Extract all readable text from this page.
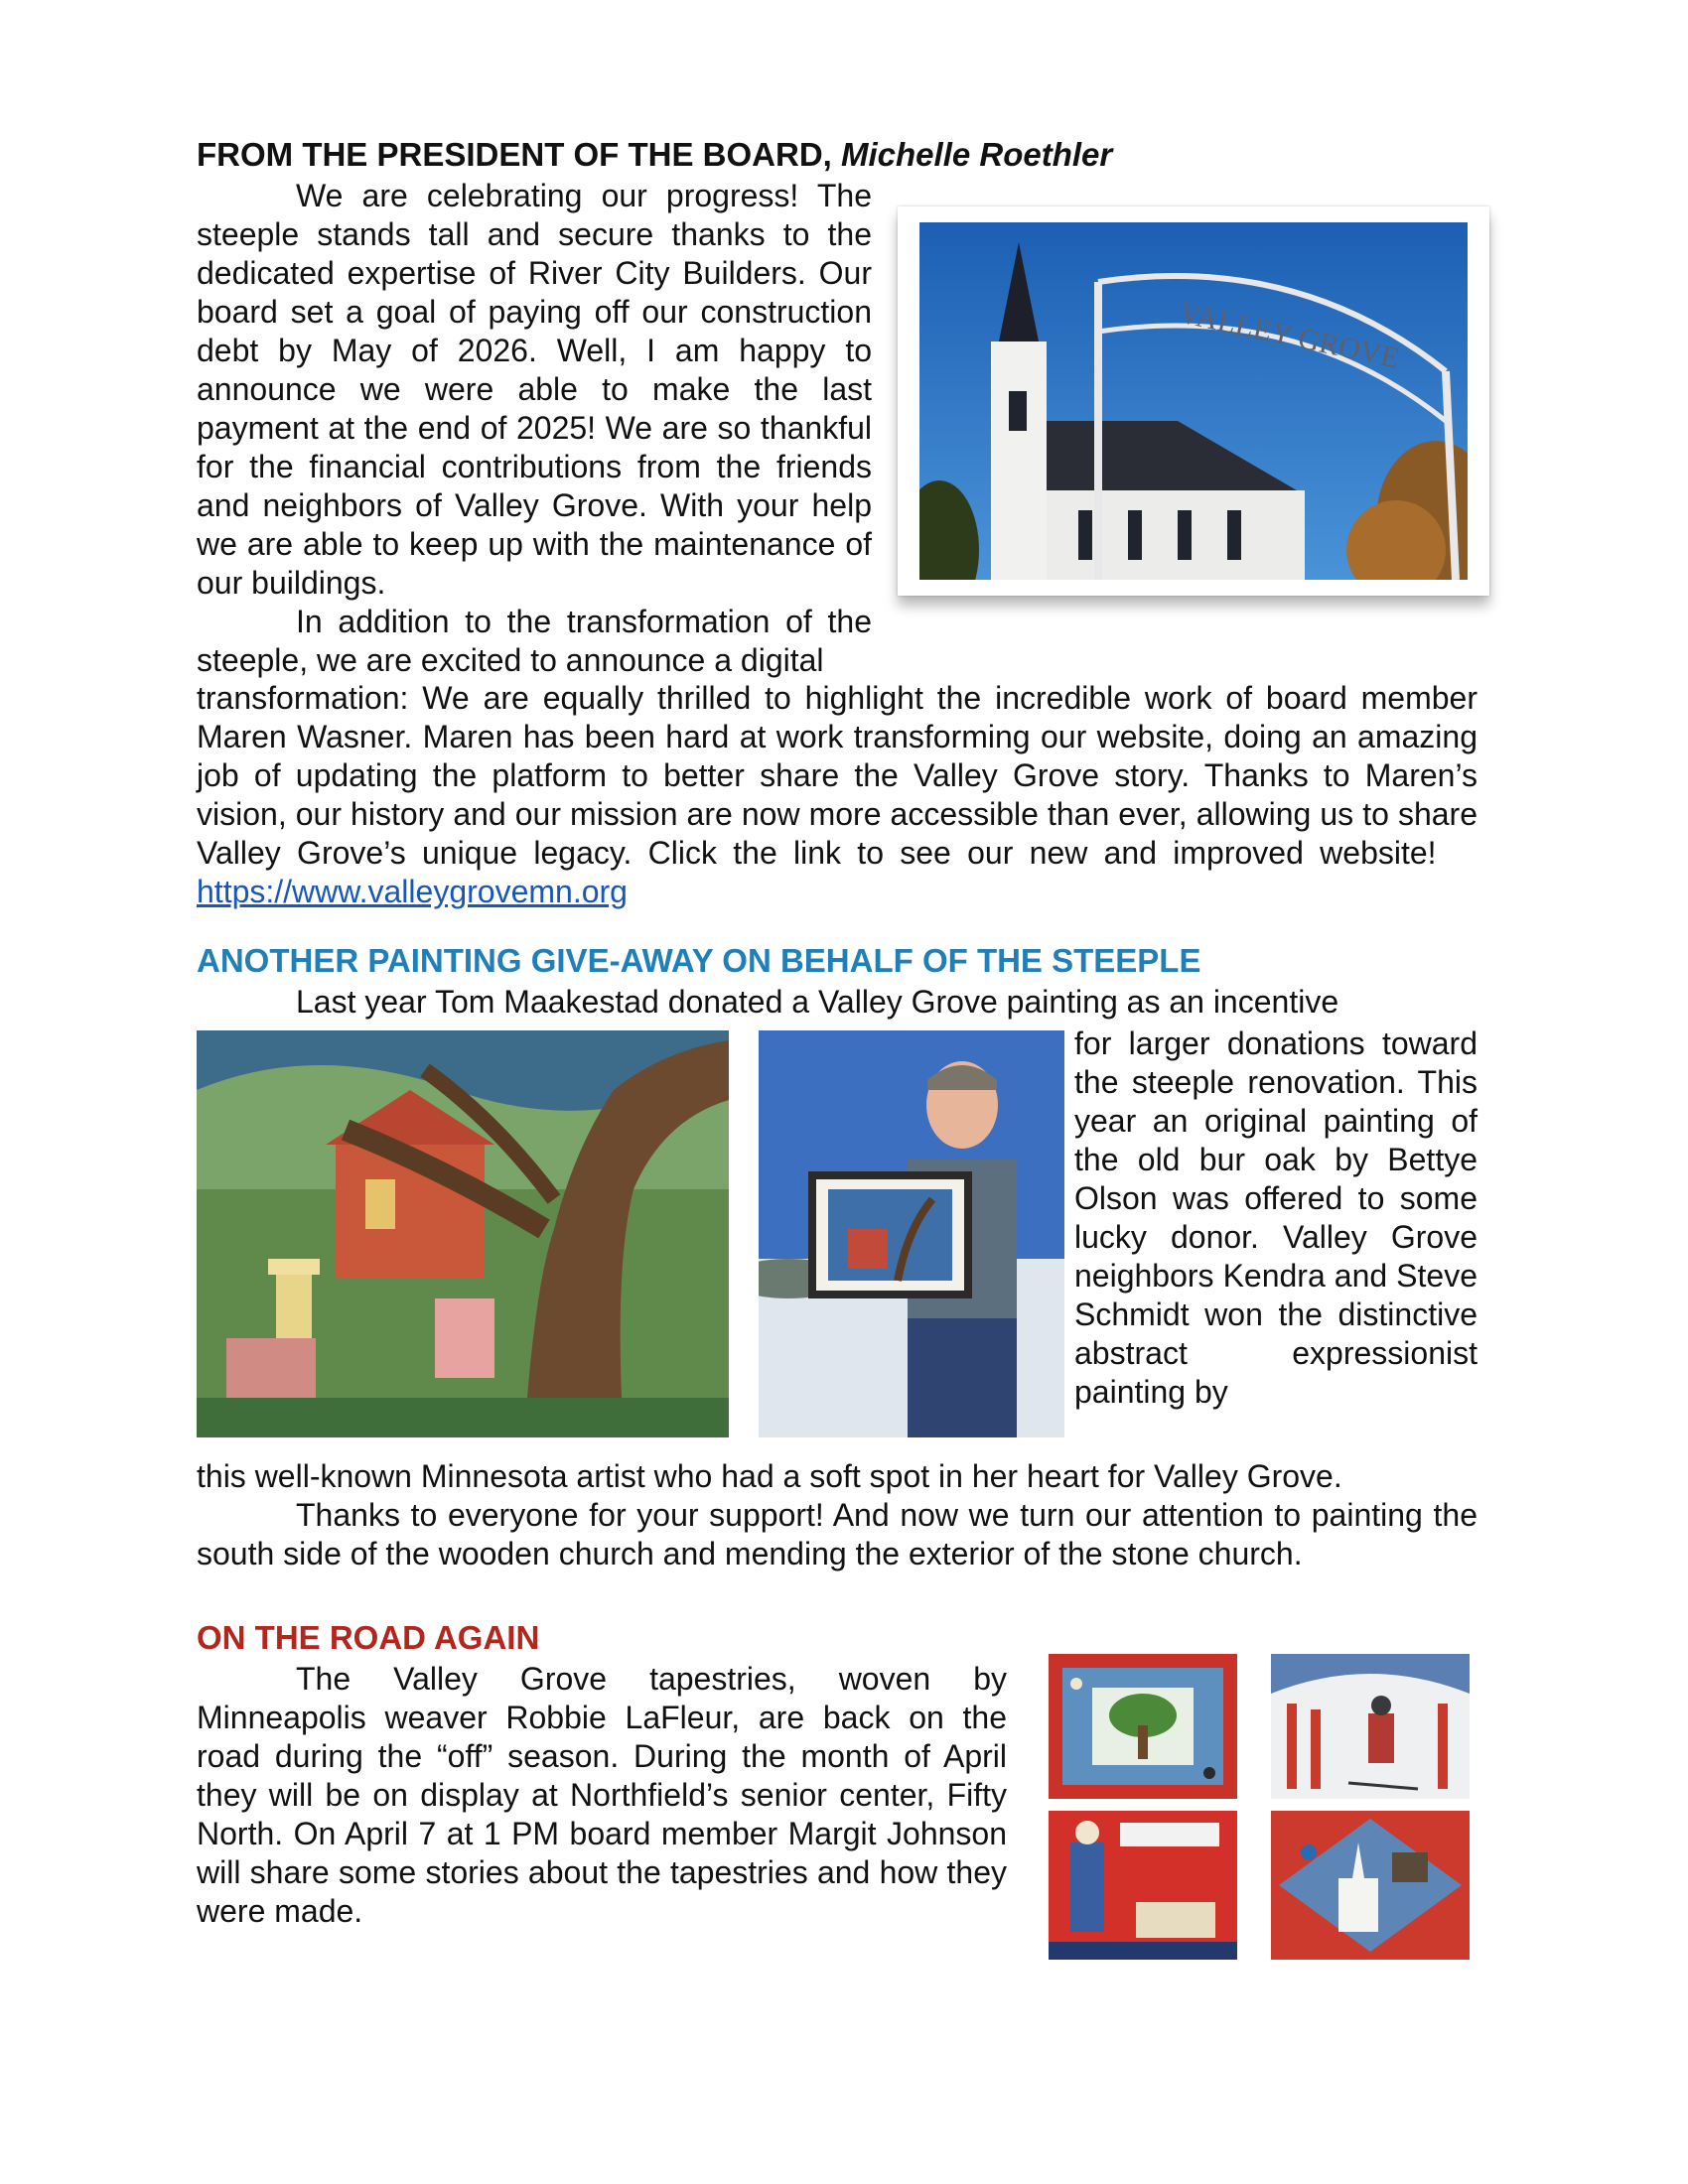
FROM THE PRESIDENT OF THE BOARD, Michelle Roethler

We are celebrating our progress! The steeple stands tall and secure thanks to the dedicated expertise of River City Builders. Our board set a goal of paying off our construction debt by May of 2026. Well, I am happy to announce we were able to make the last payment at the end of 2025! We are so thankful for the financial contributions from the friends and neighbors of Valley Grove. With your help we are able to keep up with the maintenance of our buildings.

In addition to the transformation of the steeple, we are excited to announce a digital

transformation: We are equally thrilled to highlight the incredible work of board member Maren Wasner. Maren has been hard at work transforming our website, doing an amazing job of updating the platform to better share the Valley Grove story. Thanks to Maren’s vision, our history and our mission are now more accessible than ever, allowing us to share Valley Grove’s unique legacy. Click the link to see our new and improved website!    https://www.valleygrovemn.org

VALLEY GROVE
ANOTHER PAINTING GIVE-AWAY ON BEHALF OF THE STEEPLE

Last year Tom Maakestad donated a Valley Grove painting as an incentive

for larger donations toward the steeple renovation. This year an original painting of the old bur oak by Bettye Olson was offered to some lucky donor. Valley Grove neighbors Kendra and Steve Schmidt won the distinctive abstract expressionist painting by

this well-known Minnesota artist who had a soft spot in her heart for Valley Grove.

Thanks to everyone for your support! And now we turn our attention to painting the south side of the wooden church and mending the exterior of the stone church.

ON THE ROAD AGAIN

The Valley Grove tapestries, woven by Minneapolis weaver Robbie LaFleur, are back on the road during the “off” season. During the month of April they will be on display at Northfield’s senior center, Fifty North. On April 7 at 1 PM board member Margit Johnson will share some stories about the tapestries and how they were made.
